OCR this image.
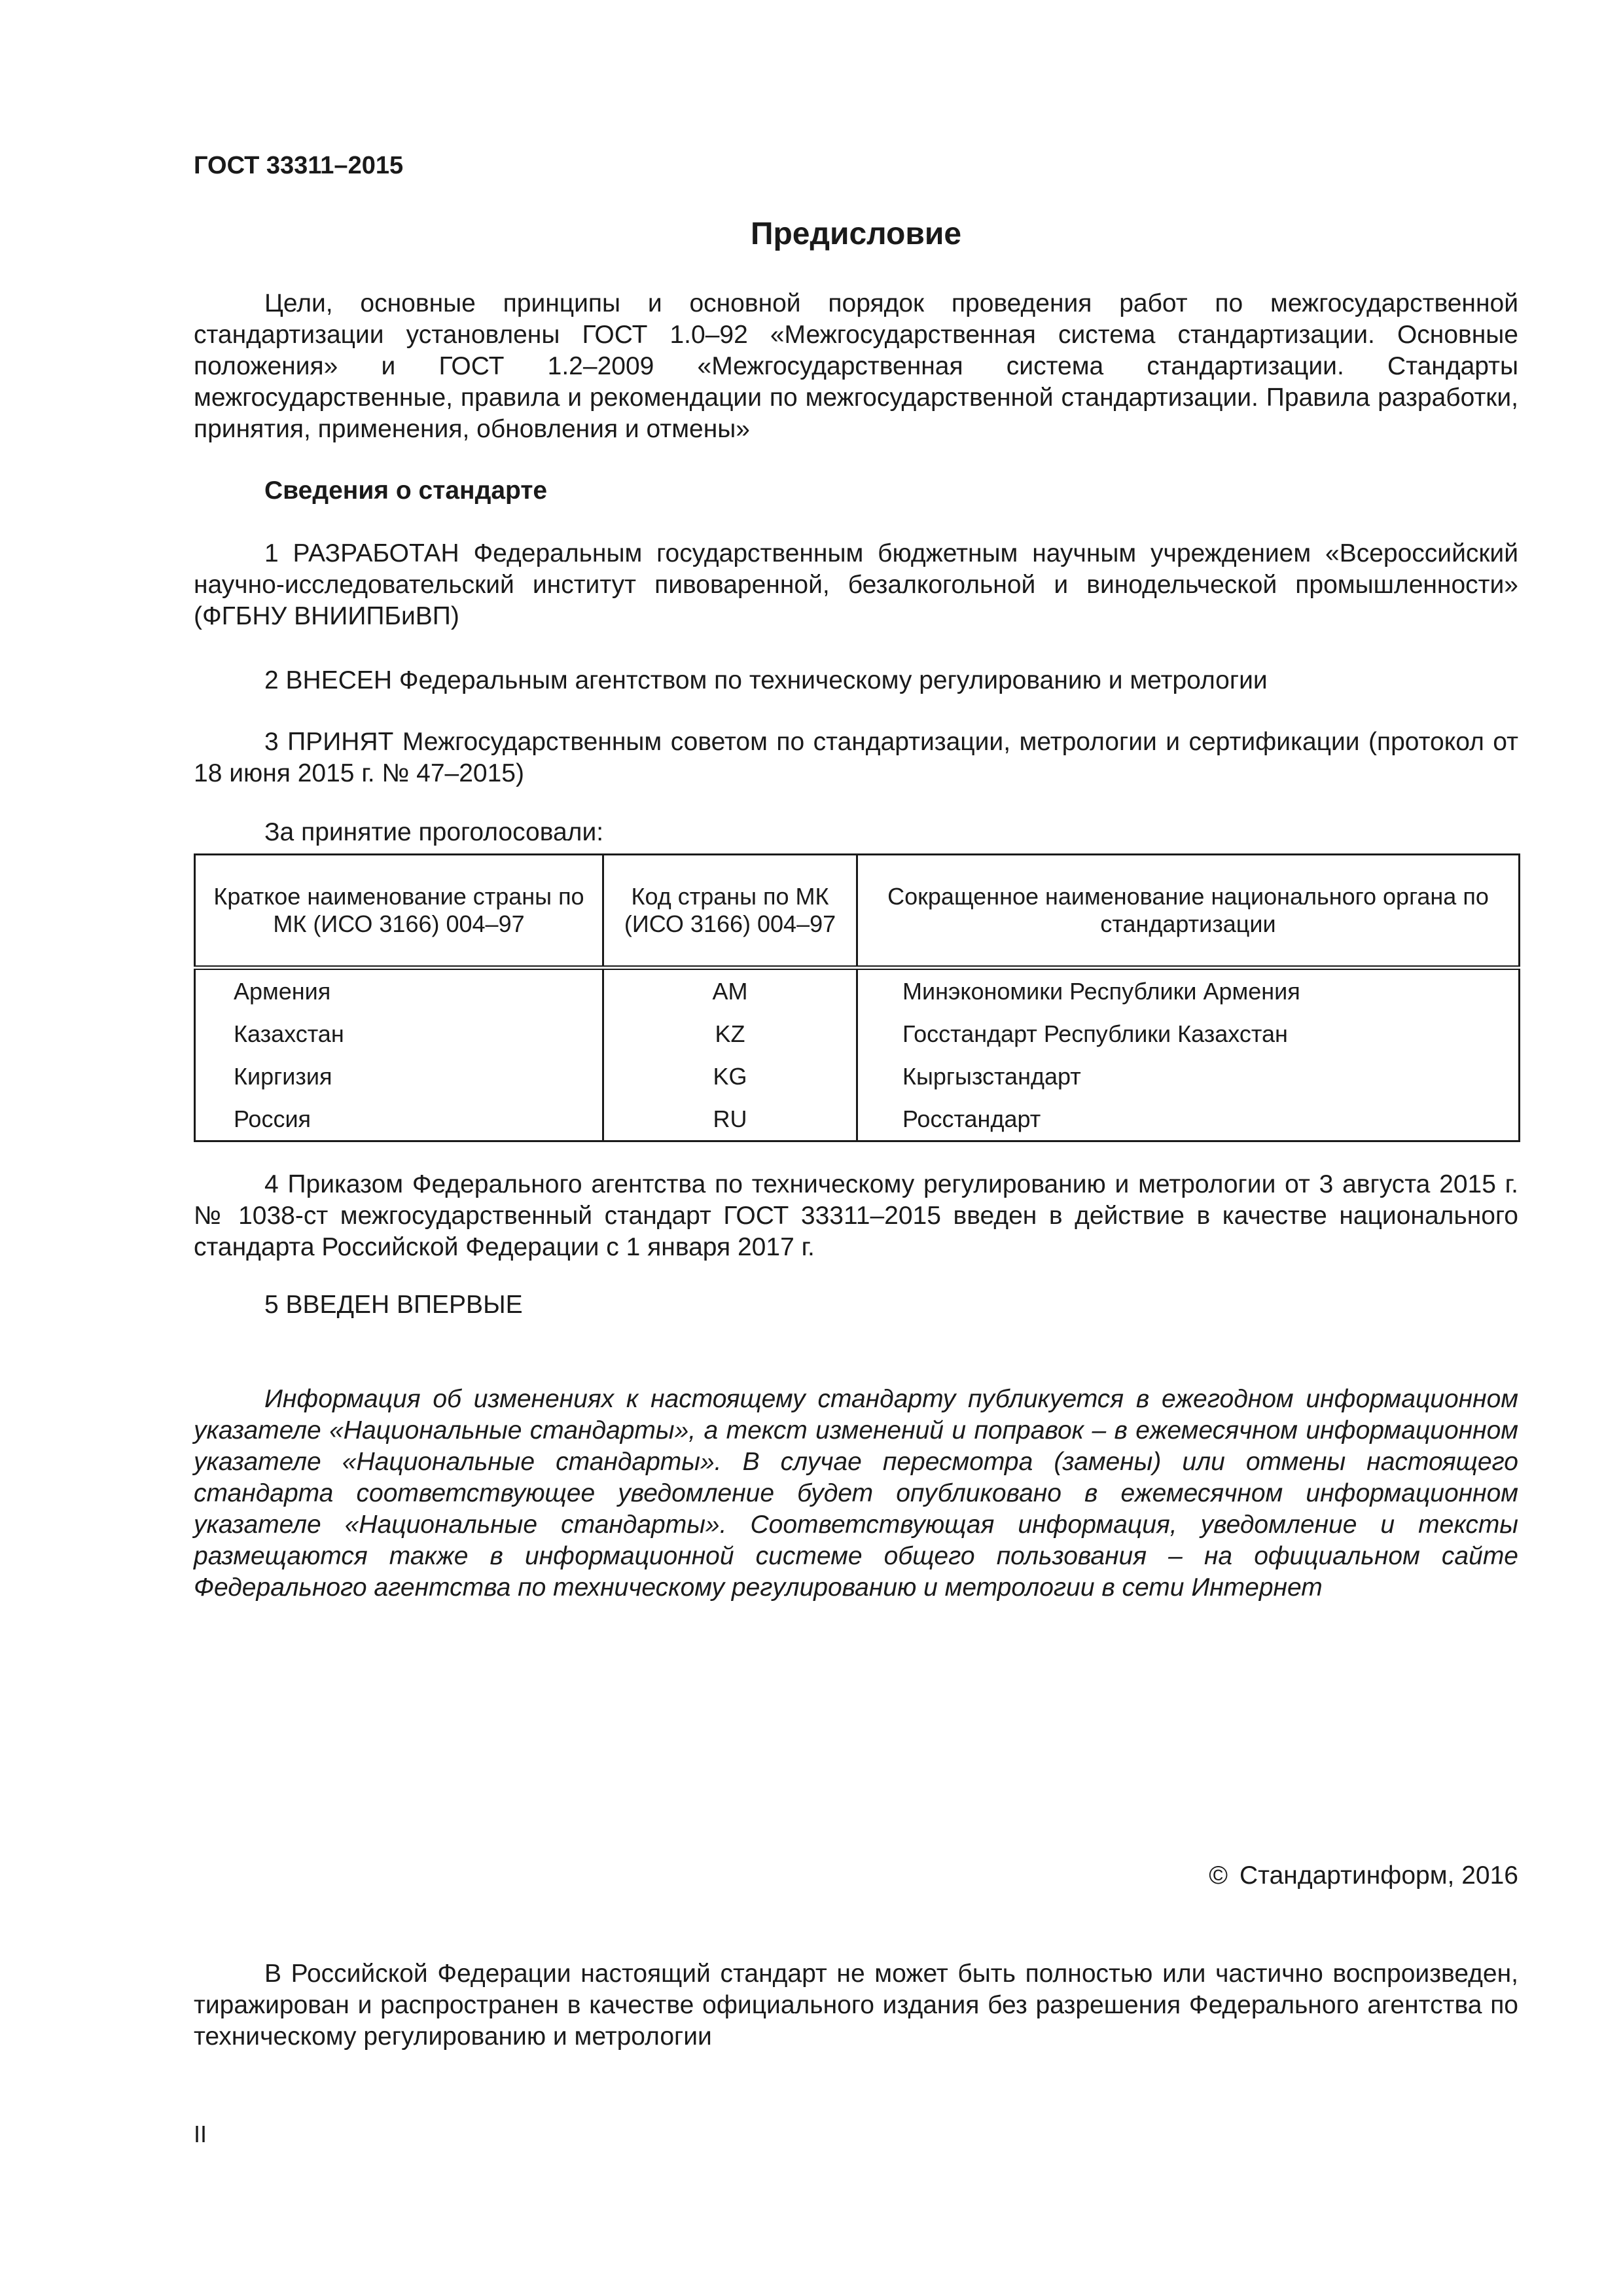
ГОСТ 33311–2015
Предисловие

Цели, основные принципы и основной порядок проведения работ по межгосударственной стандартизации установлены ГОСТ 1.0–92 «Межгосударственная система стандартизации. Основные положения» и ГОСТ 1.2–2009 «Межгосударственная система стандартизации. Стандарты межгосударственные, правила и рекомендации по межгосударственной стандартизации. Правила разработки, принятия, применения, обновления и отмены»

Сведения о стандарте

1 РАЗРАБОТАН Федеральным государственным бюджетным научным учреждением «Всероссийский научно-исследовательский институт пивоваренной, безалкогольной и винодельческой промышленности» (ФГБНУ ВНИИПБиВП)

2 ВНЕСЕН Федеральным агентством по техническому регулированию и метрологии

3 ПРИНЯТ Межгосударственным советом по стандартизации, метрологии и сертификации (протокол от 18 июня 2015 г. № 47–2015)

За принятие проголосовали:
Краткое наименование страны по МК (ИСО 3166) 004–97	Код страны по МК (ИСО 3166) 004–97	Сокращенное наименование национального органа по стандартизации
Армения	AM	Минэкономики Республики Армения
Казахстан	KZ	Госстандарт Республики Казахстан
Киргизия	KG	Кыргызстандарт
Россия	RU	Росстандарт

4 Приказом Федерального агентства по техническому регулированию и метрологии от 3 августа 2015 г. № 1038-ст межгосударственный стандарт ГОСТ 33311–2015 введен в действие в качестве национального стандарта Российской Федерации с 1 января 2017 г.

5 ВВЕДЕН ВПЕРВЫЕ

Информация об изменениях к настоящему стандарту публикуется в ежегодном информационном указателе «Национальные стандарты», а текст изменений и поправок – в ежемесячном информационном указателе «Национальные стандарты». В случае пересмотра (замены) или отмены настоящего стандарта соответствующее уведомление будет опубликовано в ежемесячном информационном указателе «Национальные стандарты». Соответствующая информация, уведомление и тексты размещаются также в информационной системе общего пользования – на официальном сайте Федерального агентства по техническому регулированию и метрологии в сети Интернет

© Стандартинформ, 2016

В Российской Федерации настоящий стандарт не может быть полностью или частично воспроизведен, тиражирован и распространен в качестве официального издания без разрешения Федерального агентства по техническому регулированию и метрологии

II
